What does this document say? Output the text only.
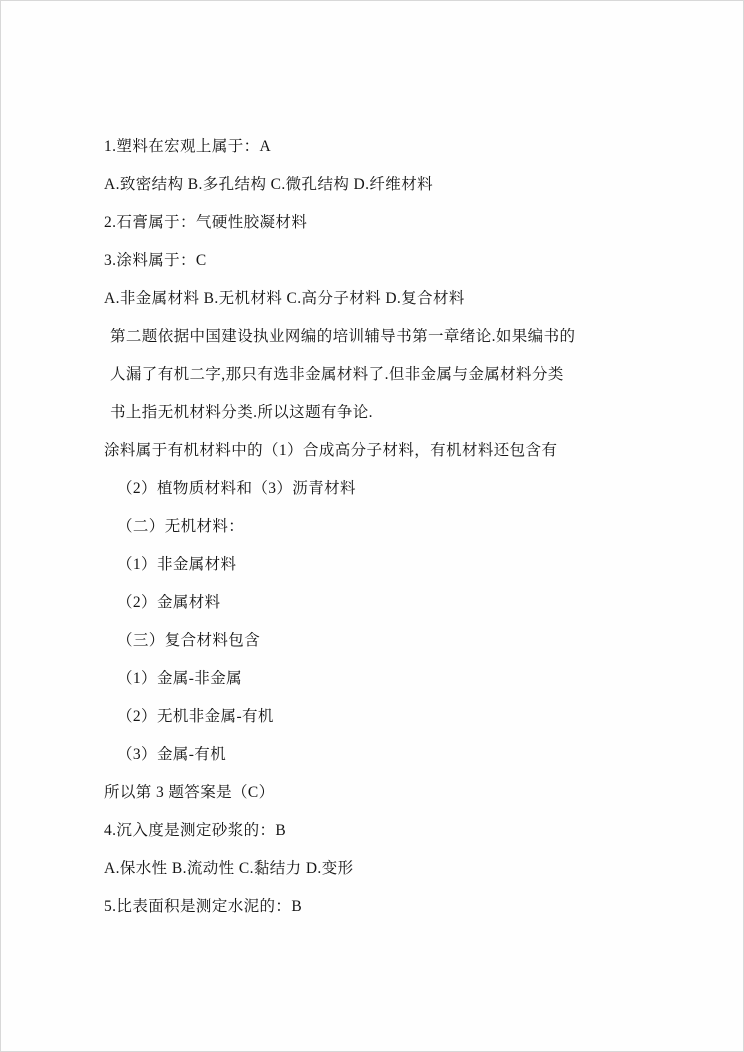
1.塑料在宏观上属于：A
A.致密结构 B.多孔结构 C.微孔结构 D.纤维材料
2.石膏属于：气硬性胶凝材料
3.涂料属于：C
A.非金属材料 B.无机材料 C.高分子材料 D.复合材料
第二题依据中国建设执业网编的培训辅导书第一章绪论.如果编书的
人漏了有机二字,那只有选非金属材料了.但非金属与金属材料分类
书上指无机材料分类.所以这题有争论.
涂料属于有机材料中的（1）合成高分子材料，有机材料还包含有
（2）植物质材料和（3）沥青材料
（二）无机材料：
（1）非金属材料
（2）金属材料
（三）复合材料包含
（1）金属-非金属
（2）无机非金属-有机
（3）金属-有机
所以第 3 题答案是（C）
4.沉入度是测定砂浆的：B
A.保水性 B.流动性 C.黏结力 D.变形
5.比表面积是测定水泥的：B
